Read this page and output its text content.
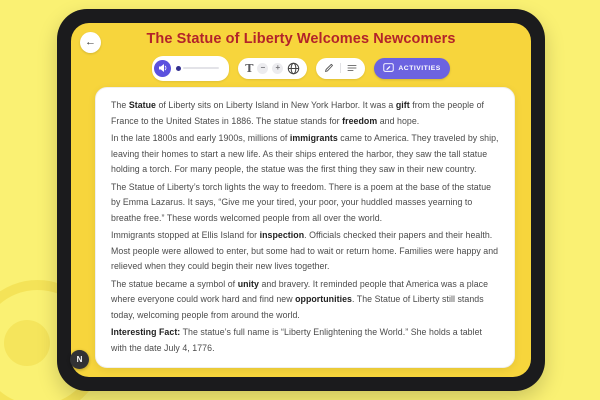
←	The Statue of Liberty Welcomes Newcomers
T −	+	ACTIVITIES

The Statue of Liberty sits on Liberty Island in New York Harbor. It was a gift from the people of France to the United States in 1886. The statue stands for freedom and hope.

In the late 1800s and early 1900s, millions of immigrants came to America. They traveled by ship, leaving their homes to start a new life. As their ships entered the harbor, they saw the tall statue holding a torch. For many people, the statue was the first thing they saw in their new country.

The Statue of Liberty’s torch lights the way to freedom. There is a poem at the base of the statue by Emma Lazarus. It says, “Give me your tired, your poor, your huddled masses yearning to breathe free.” These words welcomed people from all over the world.

Immigrants stopped at Ellis Island for inspection. Officials checked their papers and their health. Most people were allowed to enter, but some had to wait or return home. Families were happy and relieved when they could begin their new lives together.

The statue became a symbol of unity and bravery. It reminded people that America was a place where everyone could work hard and find new opportunities. The Statue of Liberty still stands today, welcoming people from around the world.

Interesting Fact: The statue’s full name is “Liberty Enlightening the World.” She holds a tablet with the date July 4, 1776.

N
